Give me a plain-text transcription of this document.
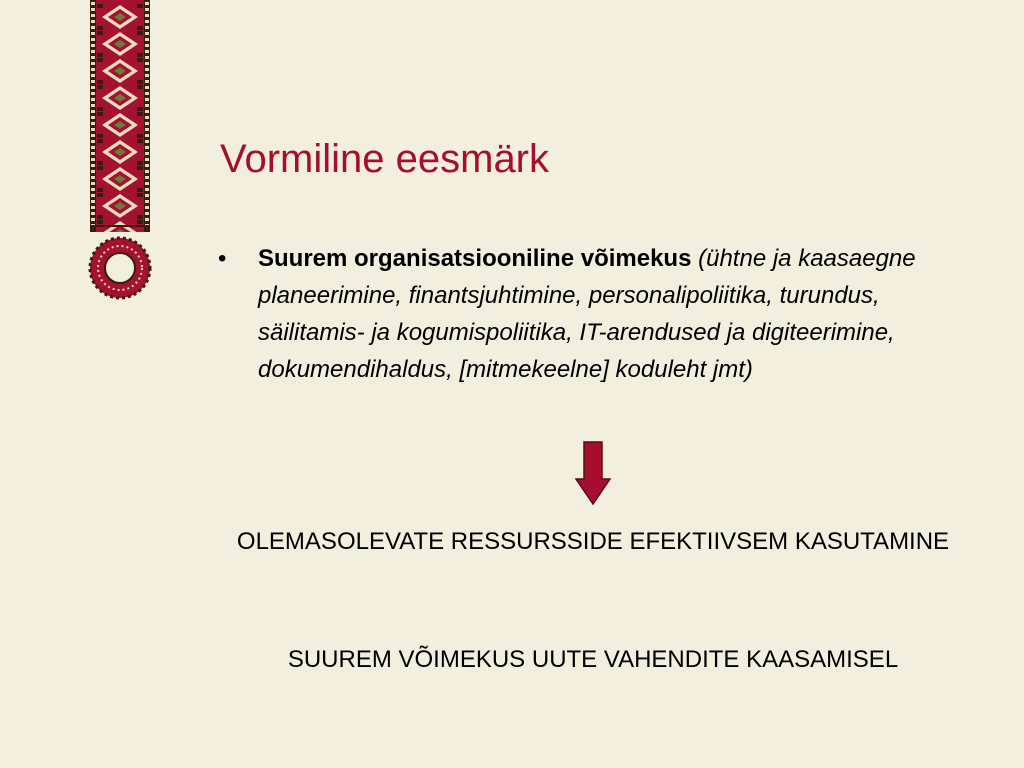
Vormiline eesmärk
•	Suurem organisatsiooniline võimekus (ühtne ja kaasaegne planeerimine, finantsjuhtimine, personalipoliitika, turundus, säilitamis- ja kogumispoliitika, IT-arendused ja digiteerimine, dokumendihaldus, [mitmekeelne] koduleht jmt)
OLEMASOLEVATE RESSURSSIDE EFEKTIIVSEM KASUTAMINE
SUUREM VÕIMEKUS UUTE VAHENDITE KAASAMISEL
